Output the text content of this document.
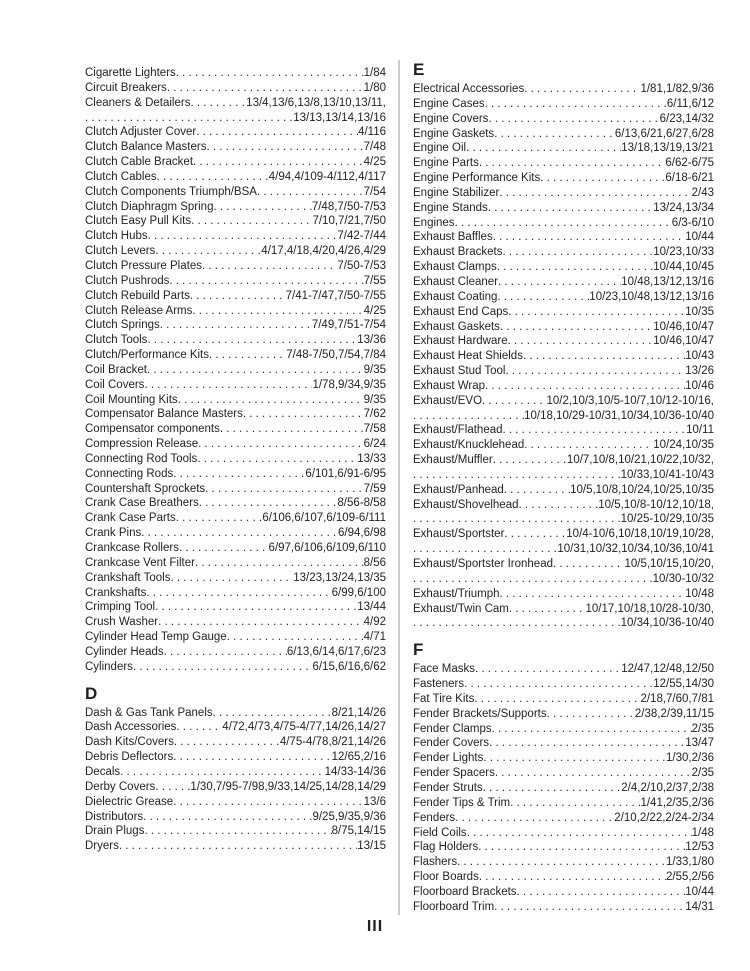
Cigarette Lighters . . .	1/84
Circuit Breakers . . .	1/80
Cleaners & Detailers . . .	13/4,13/6,13/8,13/10,13/11,
. . .
13/13,13/14,13/16
Clutch Adjuster Cover . . .	4/116
Clutch Balance Masters . . .	7/48
Clutch Cable Bracket . . .	4/25
Clutch Cables . . .	4/94,4/109-4/112,4/117
Clutch Components Triumph/BSA . . .	7/54
Clutch Diaphragm Spring . . .	7/48,7/50-7/53
Clutch Easy Pull Kits . . .	7/10,7/21,7/50
Clutch Hubs . . .	7/42-7/44
Clutch Levers . . .	4/17,4/18,4/20,4/26,4/29
Clutch Pressure Plates . . .	7/50-7/53
Clutch Pushrods . . .	7/55
Clutch Rebuild Parts . . .	7/41-7/47,7/50-7/55
Clutch Release Arms . . .	4/25
Clutch Springs . . .	7/49,7/51-7/54
Clutch Tools . . .	13/36
Clutch/Performance Kits . . .	7/48-7/50,7/54,7/84
Coil Bracket . . .	9/35
Coil Covers . . .	1/78,9/34,9/35
Coil Mounting Kits . . .	9/35
Compensator Balance Masters . . .	7/62
Compensator components . . .	7/58
Compression Release . . .	6/24
Connecting Rod Tools . . .	13/33
Connecting Rods . . .	6/101,6/91-6/95
Countershaft Sprockets . . .	7/59
Crank Case Breathers . . .	8/56-8/58
Crank Case Parts . . .	6/106,6/107,6/109-6/111
Crank Pins . . .	6/94,6/98
Crankcase Rollers . . .	6/97,6/106,6/109,6/110
Crankcase Vent Filter . . .	8/56
Crankshaft Tools . . .	13/23,13/24,13/35
Crankshafts . . .	6/99,6/100
Crimping Tool . . .	13/44
Crush Washer . . .	4/92
Cylinder Head Temp Gauge . . .	4/71
Cylinder Heads . . .	6/13,6/14,6/17,6/23
Cylinders . . .	6/15,6/16,6/62
D
Dash & Gas Tank Panels . . .	8/21,14/26
Dash Accessories . . .	4/72,4/73,4/75-4/77,14/26,14/27
Dash Kits/Covers . . .	4/75-4/78,8/21,14/26
Debris Deflectors . . .	12/65,2/16
Decals . . .	14/33-14/36
Derby Covers . . .	1/30,7/95-7/98,9/33,14/25,14/28,14/29
Dielectric Grease . . .	13/6
Distributors . . .	9/25,9/35,9/36
Drain Plugs . . .	8/75,14/15
Dryers . . .	13/15
E
Electrical Accessories . . .	1/81,1/82,9/36
Engine Cases . . .	6/11,6/12
Engine Covers . . .	6/23,14/32
Engine Gaskets . . .	6/13,6/21,6/27,6/28
Engine Oil . . .	13/18,13/19,13/21
Engine Parts . . .	6/62-6/75
Engine Performance Kits . . .	6/18-6/21
Engine Stabilizer . . .	2/43
Engine Stands . . .	13/24,13/34
Engines . . .	6/3-6/10
Exhaust Baffles . . .	10/44
Exhaust Brackets . . .	10/23,10/33
Exhaust Clamps . . .	10/44,10/45
Exhaust Cleaner . . .	10/48,13/12,13/16
Exhaust Coating . . .	10/23,10/48,13/12,13/16
Exhaust End Caps . . .	10/35
Exhaust Gaskets . . .	10/46,10/47
Exhaust Hardware . . .	10/46,10/47
Exhaust Heat Shields . . .	10/43
Exhaust Stud Tool . . .	13/26
Exhaust Wrap . . .	10/46
Exhaust/EVO . . .	10/2,10/3,10/5-10/7,10/12-10/16,
. . .
10/18,10/29-10/31,10/34,10/36-10/40
Exhaust/Flathead . . .	10/11
Exhaust/Knucklehead . . .	10/24,10/35
Exhaust/Muffler . . .	10/7,10/8,10/21,10/22,10/32,
. . .
10/33,10/41-10/43
Exhaust/Panhead . . .	10/5,10/8,10/24,10/25,10/35
Exhaust/Shovelhead . . .	10/5,10/8-10/12,10/18,
. . .
10/25-10/29,10/35
Exhaust/Sportster . . .	10/4-10/6,10/18,10/19,10/28,
. . .
10/31,10/32,10/34,10/36,10/41
Exhaust/Sportster Ironhead . . .	10/5,10/15,10/20,
. . .
10/30-10/32
Exhaust/Triumph . . .	10/48
Exhaust/Twin Cam . . .	10/17,10/18,10/28-10/30,
. . .
10/34,10/36-10/40
F
Face Masks . . .	12/47,12/48,12/50
Fasteners . . .	12/55,14/30
Fat Tire Kits . . .	2/18,7/60,7/81
Fender Brackets/Supports . . .	2/38,2/39,11/15
Fender Clamps . . .	2/35
Fender Covers . . .	13/47
Fender Lights . . .	1/30,2/36
Fender Spacers . . .	2/35
Fender Struts . . .	2/4,2/10,2/37,2/38
Fender Tips & Trim . . .	1/41,2/35,2/36
Fenders . . .	2/10,2/22,2/24-2/34
Field Coils . . .	1/48
Flag Holders . . .	12/53
Flashers . . .	1/33,1/80
Floor Boards . . .	2/55,2/56
Floorboard Brackets . . .	10/44
Floorboard Trim . . .	14/31
III
